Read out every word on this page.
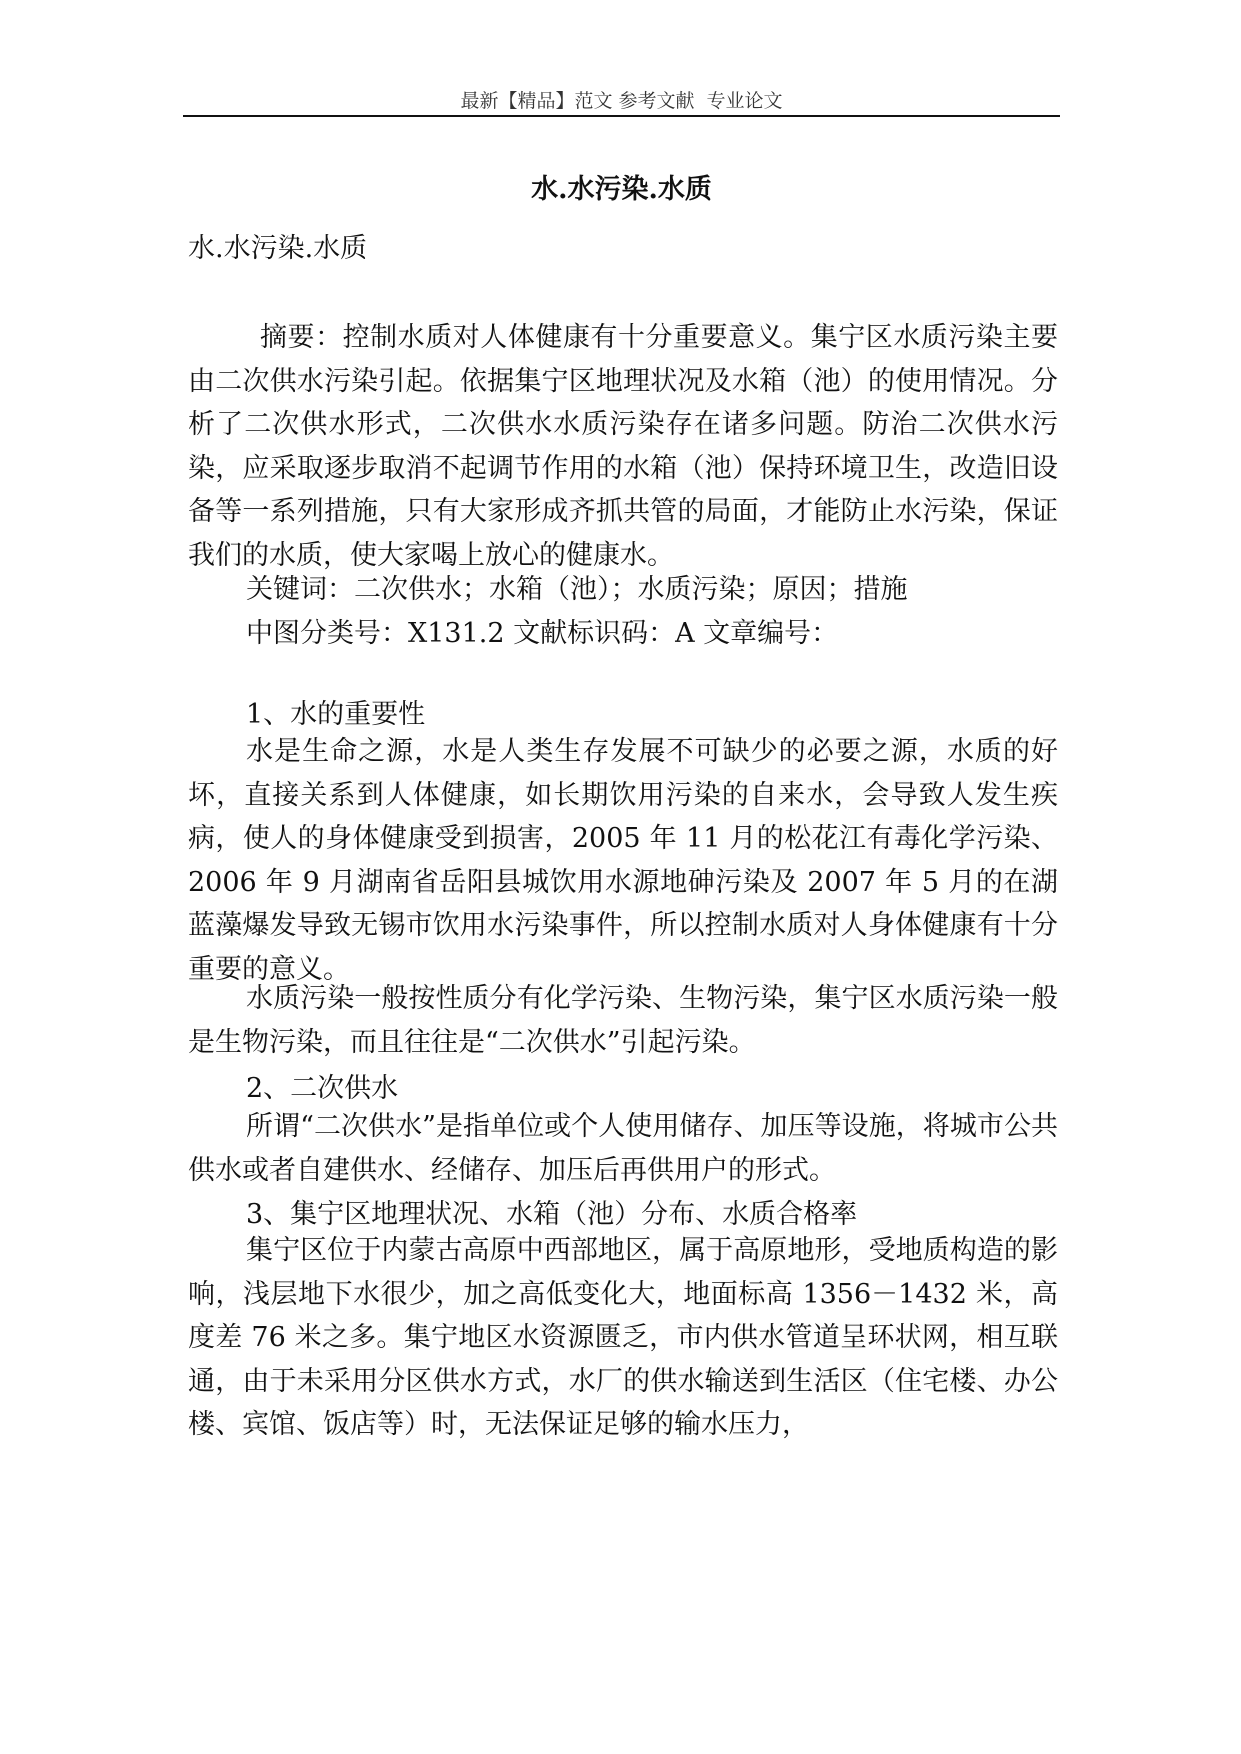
最新【精品】范文 参考文献  专业论文
水.水污染.水质

水.水污染.水质

摘要：控制水质对人体健康有十分重要意义。集宁区水质污染主要由二次供水污染引起。依据集宁区地理状况及水箱（池）的使用情况。分析了二次供水形式，二次供水水质污染存在诸多问题。防治二次供水污染，应采取逐步取消不起调节作用的水箱（池）保持环境卫生，改造旧设备等一系列措施，只有大家形成齐抓共管的局面，才能防止水污染，保证我们的水质，使大家喝上放心的健康水。

关键词：二次供水；水箱（池）；水质污染；原因；措施

中图分类号：X131.2 文献标识码：A 文章编号：

1、水的重要性

水是生命之源，水是人类生存发展不可缺少的必要之源，水质的好坏，直接关系到人体健康，如长期饮用污染的自来水，会导致人发生疾病，使人的身体健康受到损害，2005 年 11 月的松花江有毒化学污染、2006 年 9 月湖南省岳阳县城饮用水源地砷污染及 2007 年 5 月的在湖蓝藻爆发导致无锡市饮用水污染事件，所以控制水质对人身体健康有十分重要的意义。

水质污染一般按性质分有化学污染、生物污染，集宁区水质污染一般是生物污染，而且往往是“二次供水”引起污染。

2、二次供水

所谓“二次供水”是指单位或个人使用储存、加压等设施，将城市公共供水或者自建供水、经储存、加压后再供用户的形式。

3、集宁区地理状况、水箱（池）分布、水质合格率

集宁区位于内蒙古高原中西部地区，属于高原地形，受地质构造的影响，浅层地下水很少，加之高低变化大，地面标高 1356－1432 米，高度差 76 米之多。集宁地区水资源匮乏，市内供水管道呈环状网，相互联通，由于未采用分区供水方式，水厂的供水输送到生活区（住宅楼、办公楼、宾馆、饭店等）时，无法保证足够的输水压力，
